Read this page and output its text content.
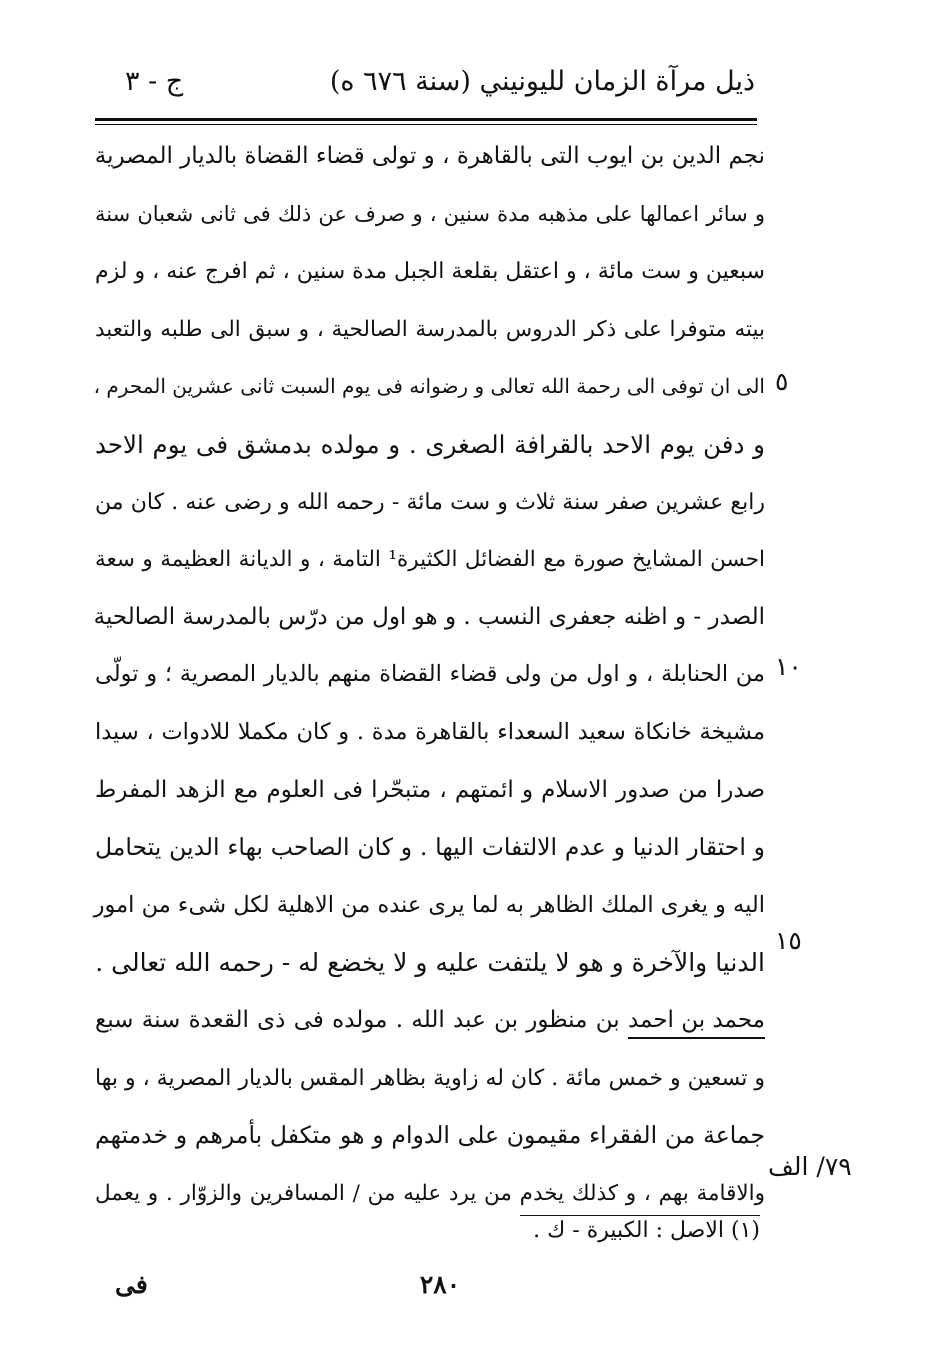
ذيل مرآة الزمان لليونيني (سنة ٦٧٦ ه)
ج - ٣
نجم الدين بن ايوب التى بالقاهرة ، و تولى قضاء القضاة بالديار المصرية
و سائر اعمالها على مذهبه مدة سنين ، و صرف عن ذلك فى ثانى شعبان سنة
سبعين و ست مائة ، و اعتقل بقلعة الجبل مدة سنين ، ثم افرج عنه ، و لزم
بيته متوفرا على ذكر الدروس بالمدرسة الصالحية ، و سبق الى طلبه والتعبد
الى ان توفى الى رحمة الله تعالى و رضوانه فى يوم السبت ثانى عشرين المحرم ،
و دفن يوم الاحد بالقرافة الصغرى . و مولده بدمشق فى يوم الاحد
رابع عشرين صفر سنة ثلاث و ست مائة - رحمه الله و رضى عنه . كان من
احسن المشايخ صورة مع الفضائل الكثيرة¹ التامة ، و الديانة العظيمة و سعة
الصدر - و اظنه جعفرى النسب . و هو اول من درّس بالمدرسة الصالحية
من الحنابلة ، و اول من ولى قضاء القضاة منهم بالديار المصرية ؛ و تولّى
مشيخة خانكاة سعيد السعداء بالقاهرة مدة . و كان مكملا للادوات ، سيدا
صدرا من صدور الاسلام و ائمتهم ، متبحّرا فى العلوم مع الزهد المفرط
و احتقار الدنيا و عدم الالتفات اليها . و كان الصاحب بهاء الدين يتحامل
اليه و يغرى الملك الظاهر به لما يرى عنده من الاهلية لكل شىء من امور
الدنيا والآخرة و هو لا يلتفت عليه و لا يخضع له - رحمه الله تعالى .
محمد بن احمد بن منظور بن عبد الله . مولده فى ذى القعدة سنة سبع
و تسعين و خمس مائة . كان له زاوية بظاهر المقس بالديار المصرية ، و بها
جماعة من الفقراء مقيمون على الدوام و هو متكفل بأمرهم و خدمتهم
والاقامة بهم ، و كذلك يخدم من يرد عليه من / المسافرين والزوّار . و يعمل
٥
١٠
١٥
٧٩/ الف
(١) الاصل : الكبيرة - ك .
٢٨٠
فى
